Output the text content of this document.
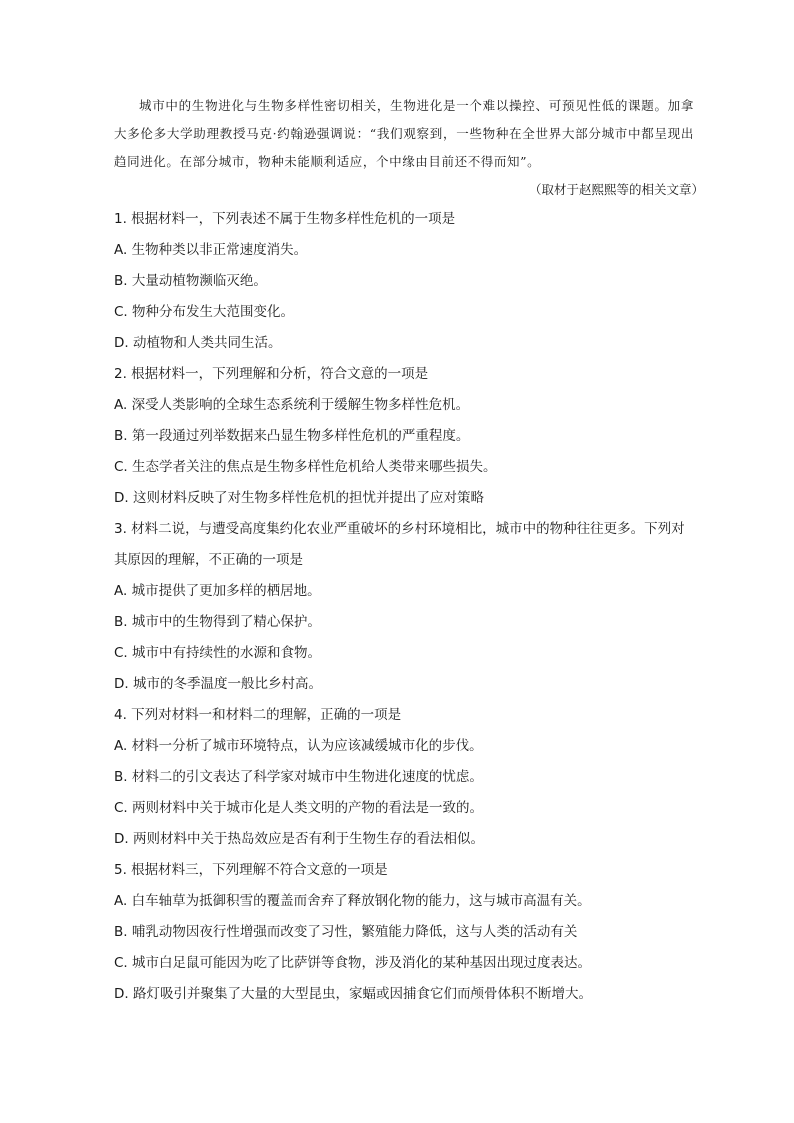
城市中的生物进化与生物多样性密切相关，生物进化是一个难以操控、可预见性低的课题。加拿大多伦多大学助理教授马克·约翰逊强调说：“我们观察到，一些物种在全世界大部分城市中都呈现出趋同进化。在部分城市，物种未能顺利适应，个中缘由目前还不得而知”。

（取材于赵熙熙等的相关文章）

1. 根据材料一，下列表述不属于生物多样性危机的一项是

A. 生物种类以非正常速度消失。

B. 大量动植物濒临灭绝。

C. 物种分布发生大范围变化。

D. 动植物和人类共同生活。

2. 根据材料一，下列理解和分析，符合文意的一项是

A. 深受人类影响的全球生态系统利于缓解生物多样性危机。

B. 第一段通过列举数据来凸显生物多样性危机的严重程度。

C. 生态学者关注的焦点是生物多样性危机给人类带来哪些损失。

D. 这则材料反映了对生物多样性危机的担忧并提出了应对策略

3. 材料二说，与遭受高度集约化农业严重破坏的乡村环境相比，城市中的物种往往更多。下列对其原因的理解，不正确的一项是

A. 城市提供了更加多样的栖居地。

B. 城市中的生物得到了精心保护。

C. 城市中有持续性的水源和食物。

D. 城市的冬季温度一般比乡村高。

4. 下列对材料一和材料二的理解，正确的一项是

A. 材料一分析了城市环境特点，认为应该减缓城市化的步伐。

B. 材料二的引文表达了科学家对城市中生物进化速度的忧虑。

C. 两则材料中关于城市化是人类文明的产物的看法是一致的。

D. 两则材料中关于热岛效应是否有利于生物生存的看法相似。

5. 根据材料三，下列理解不符合文意的一项是

A. 白车轴草为抵御积雪的覆盖而舍弃了释放钢化物的能力，这与城市高温有关。

B. 哺乳动物因夜行性增强而改变了习性，繁殖能力降低，这与人类的活动有关

C. 城市白足鼠可能因为吃了比萨饼等食物，涉及消化的某种基因出现过度表达。

D. 路灯吸引并聚集了大量的大型昆虫，家蝠或因捕食它们而颅骨体积不断增大。
